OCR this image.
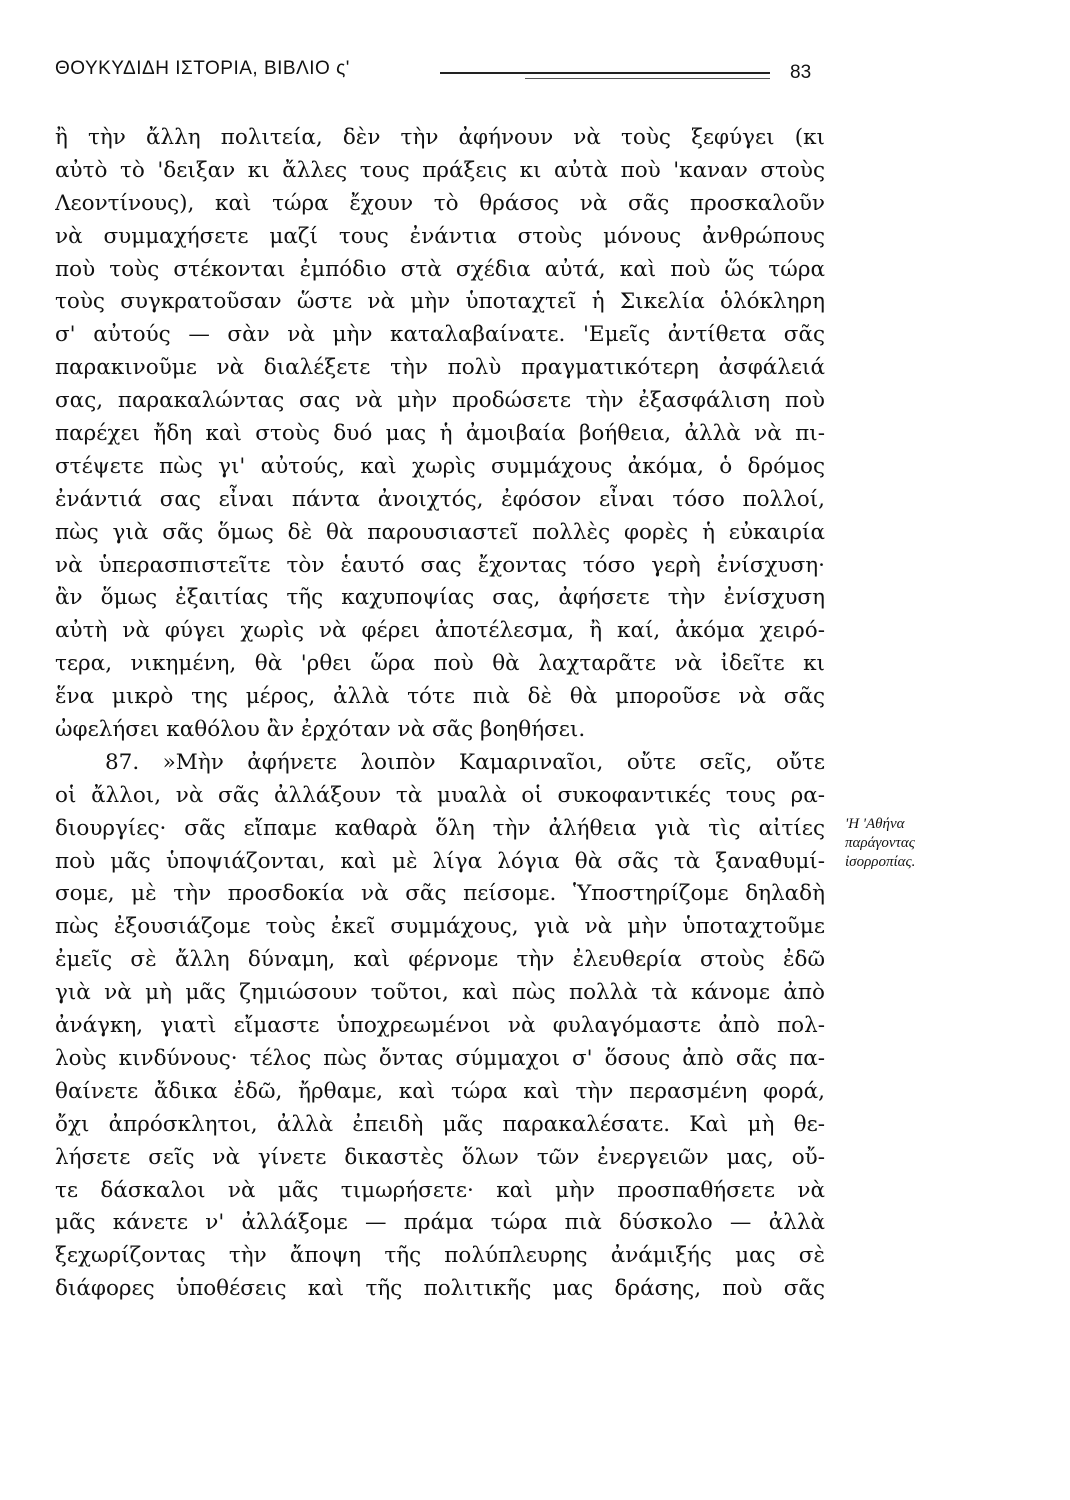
ΘΟΥΚΥΔΙΔΗ ΙΣΤΟΡΙΑ, ΒΙΒΛΙΟ ς'	83
ἢ τὴν ἄλλη πολιτεία, δὲν τὴν ἀφήνουν νὰ τοὺς ξεφύγει (κι
αὐτὸ τὸ 'δειξαν κι ἄλλες τους πράξεις κι αὐτὰ ποὺ 'καναν στοὺς
Λεοντίνους), καὶ τώρα ἔχουν τὸ θράσος νὰ σᾶς προσκαλοῦν
νὰ συμμαχήσετε μαζί τους ἐνάντια στοὺς μόνους ἀνθρώπους
ποὺ τοὺς στέκονται ἐμπόδιο στὰ σχέδια αὐτά, καὶ ποὺ ὥς τώρα
τοὺς συγκρατοῦσαν ὥστε νὰ μὴν ὑποταχτεῖ ἡ Σικελία ὁλόκληρη
σ' αὐτούς — σὰν νὰ μὴν καταλαβαίνατε. 'Εμεῖς ἀντίθετα σᾶς
παρακινοῦμε νὰ διαλέξετε τὴν πολὺ πραγματικότερη ἀσφάλειά
σας, παρακαλώντας σας νὰ μὴν προδώσετε τὴν ἐξασφάλιση ποὺ
παρέχει ἤδη καὶ στοὺς δυό μας ἡ ἀμοιβαία βοήθεια, ἀλλὰ νὰ πι-
στέψετε πὼς γι' αὐτούς, καὶ χωρὶς συμμάχους ἀκόμα, ὁ δρόμος
ἐνάντιά σας εἶναι πάντα ἀνοιχτός, ἐφόσον εἶναι τόσο πολλοί,
πὼς γιὰ σᾶς ὅμως δὲ θὰ παρουσιαστεῖ πολλὲς φορὲς ἡ εὐκαιρία
νὰ ὑπερασπιστεῖτε τὸν ἑαυτό σας ἔχοντας τόσο γερὴ ἐνίσχυση·
ἂν ὅμως ἐξαιτίας τῆς καχυποψίας σας, ἀφήσετε τὴν ἐνίσχυση
αὐτὴ νὰ φύγει χωρὶς νὰ φέρει ἀποτέλεσμα, ἢ καί, ἀκόμα χειρό-
τερα, νικημένη, θὰ 'ρθει ὥρα ποὺ θὰ λαχταρᾶτε νὰ ἰδεῖτε κι
ἕνα μικρὸ της μέρος, ἀλλὰ τότε πιὰ δὲ θὰ μποροῦσε νὰ σᾶς
ὠφελήσει καθόλου ἂν ἐρχόταν νὰ σᾶς βοηθήσει.
87. »Μὴν ἀφήνετε λοιπὸν Καμαριναῖοι, οὔτε σεῖς, οὔτε
οἱ ἄλλοι, νὰ σᾶς ἀλλάξουν τὰ μυαλὰ οἱ συκοφαντικές τους ρα-
διουργίες· σᾶς εἴπαμε καθαρὰ ὅλη τὴν ἀλήθεια γιὰ τὶς αἰτίες
ποὺ μᾶς ὑποψιάζονται, καὶ μὲ λίγα λόγια θὰ σᾶς τὰ ξαναθυμί-
σομε, μὲ τὴν προσδοκία νὰ σᾶς πείσομε. Ὑποστηρίζομε δηλαδὴ
πὼς ἐξουσιάζομε τοὺς ἐκεῖ συμμάχους, γιὰ νὰ μὴν ὑποταχτοῦμε
ἐμεῖς σὲ ἄλλη δύναμη, καὶ φέρνομε τὴν ἐλευθερία στοὺς ἐδῶ
γιὰ νὰ μὴ μᾶς ζημιώσουν τοῦτοι, καὶ πὼς πολλὰ τὰ κάνομε ἀπὸ
ἀνάγκη, γιατὶ εἴμαστε ὑποχρεωμένοι νὰ φυλαγόμαστε ἀπὸ πολ-
λοὺς κινδύνους· τέλος πὼς ὄντας σύμμαχοι σ' ὅσους ἀπὸ σᾶς πα-
θαίνετε ἄδικα ἐδῶ, ἤρθαμε, καὶ τώρα καὶ τὴν περασμένη φορά,
ὄχι ἀπρόσκλητοι, ἀλλὰ ἐπειδὴ μᾶς παρακαλέσατε. Καὶ μὴ θε-
λήσετε σεῖς νὰ γίνετε δικαστὲς ὅλων τῶν ἐνεργειῶν μας, οὔ-
τε δάσκαλοι νὰ μᾶς τιμωρήσετε· καὶ μὴν προσπαθήσετε νὰ
μᾶς κάνετε ν' ἀλλάξομε — πράμα τώρα πιὰ δύσκολο — ἀλλὰ
ξεχωρίζοντας τὴν ἄποψη τῆς πολύπλευρης ἀνάμιξής μας σὲ
διάφορες ὑποθέσεις καὶ τῆς πολιτικῆς μας δράσης, ποὺ σᾶς
'Η 'Αθήνα
παράγοντας
ἰσορροπίας.
